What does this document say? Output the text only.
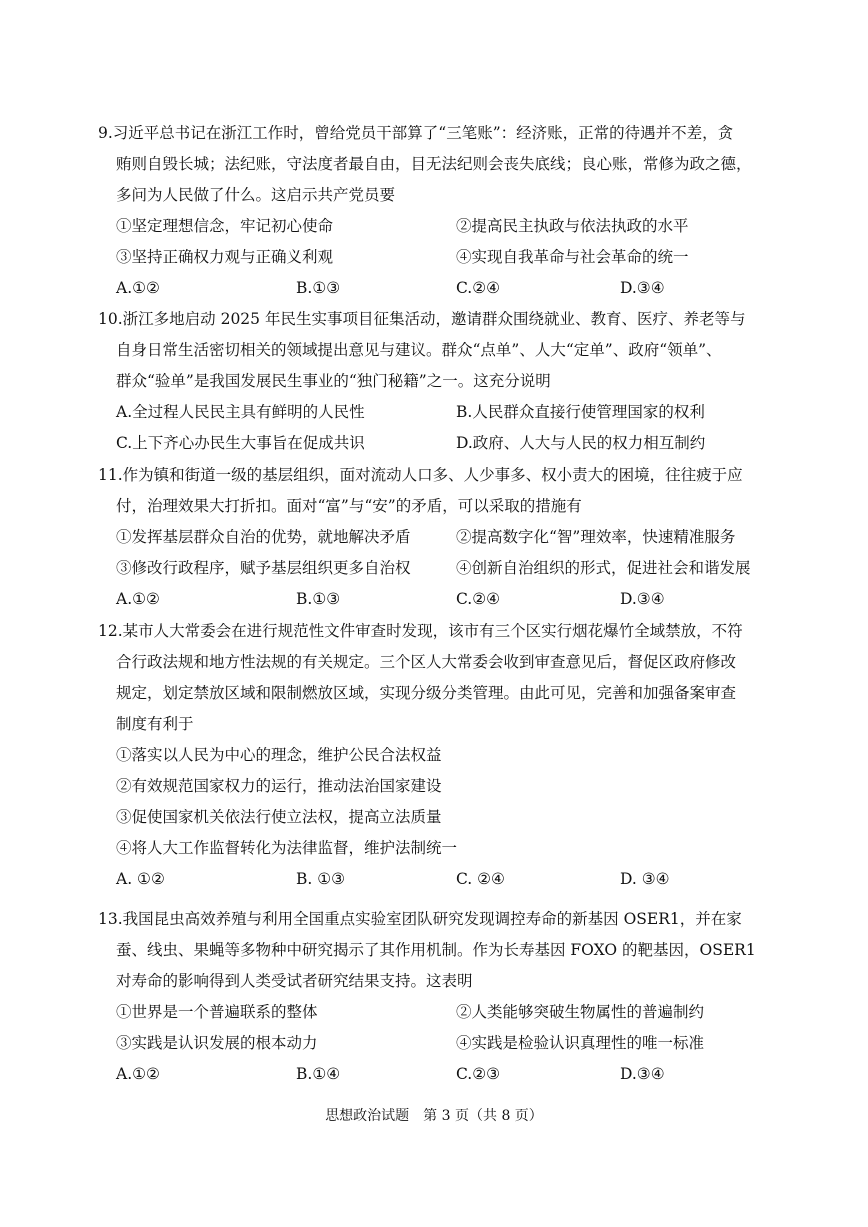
9.习近平总书记在浙江工作时，曾给党员干部算了“三笔账”：经济账，正常的待遇并不差，贪
贿则自毁长城；法纪账，守法度者最自由，目无法纪则会丧失底线；良心账，常修为政之德，
多问为人民做了什么。这启示共产党员要
①坚定理想信念，牢记初心使命	②提高民主执政与依法执政的水平
③坚持正确权力观与正确义利观	④实现自我革命与社会革命的统一
A.①②	B.①③	C.②④	D.③④
10.浙江多地启动 2025 年民生实事项目征集活动，邀请群众围绕就业、教育、医疗、养老等与
自身日常生活密切相关的领域提出意见与建议。群众“点单”、人大“定单”、政府“领单”、
群众“验单”是我国发展民生事业的“独门秘籍”之一。这充分说明
A.全过程人民民主具有鲜明的人民性	B.人民群众直接行使管理国家的权利
C.上下齐心办民生大事旨在促成共识	D.政府、人大与人民的权力相互制约
11.作为镇和街道一级的基层组织，面对流动人口多、人少事多、权小责大的困境，往往疲于应
付，治理效果大打折扣。面对“富”与“安”的矛盾，可以采取的措施有
①发挥基层群众自治的优势，就地解决矛盾	②提高数字化“智”理效率，快速精准服务
③修改行政程序，赋予基层组织更多自治权	④创新自治组织的形式，促进社会和谐发展
A.①②	B.①③	C.②④	D.③④
12.某市人大常委会在进行规范性文件审查时发现，该市有三个区实行烟花爆竹全域禁放，不符
合行政法规和地方性法规的有关规定。三个区人大常委会收到审查意见后，督促区政府修改
规定，划定禁放区域和限制燃放区域，实现分级分类管理。由此可见，完善和加强备案审查
制度有利于
①落实以人民为中心的理念，维护公民合法权益
②有效规范国家权力的运行，推动法治国家建设
③促使国家机关依法行使立法权，提高立法质量
④将人大工作监督转化为法律监督，维护法制统一
A. ①②	B. ①③	C. ②④	D. ③④
13.我国昆虫高效养殖与利用全国重点实验室团队研究发现调控寿命的新基因 OSER1，并在家
蚕、线虫、果蝇等多物种中研究揭示了其作用机制。作为长寿基因 FOXO 的靶基因，OSER1
对寿命的影响得到人类受试者研究结果支持。这表明
①世界是一个普遍联系的整体	②人类能够突破生物属性的普遍制约
③实践是认识发展的根本动力	④实践是检验认识真理性的唯一标准
A.①②	B.①④	C.②③	D.③④
思想政治试题　第 3 页（共 8 页）
